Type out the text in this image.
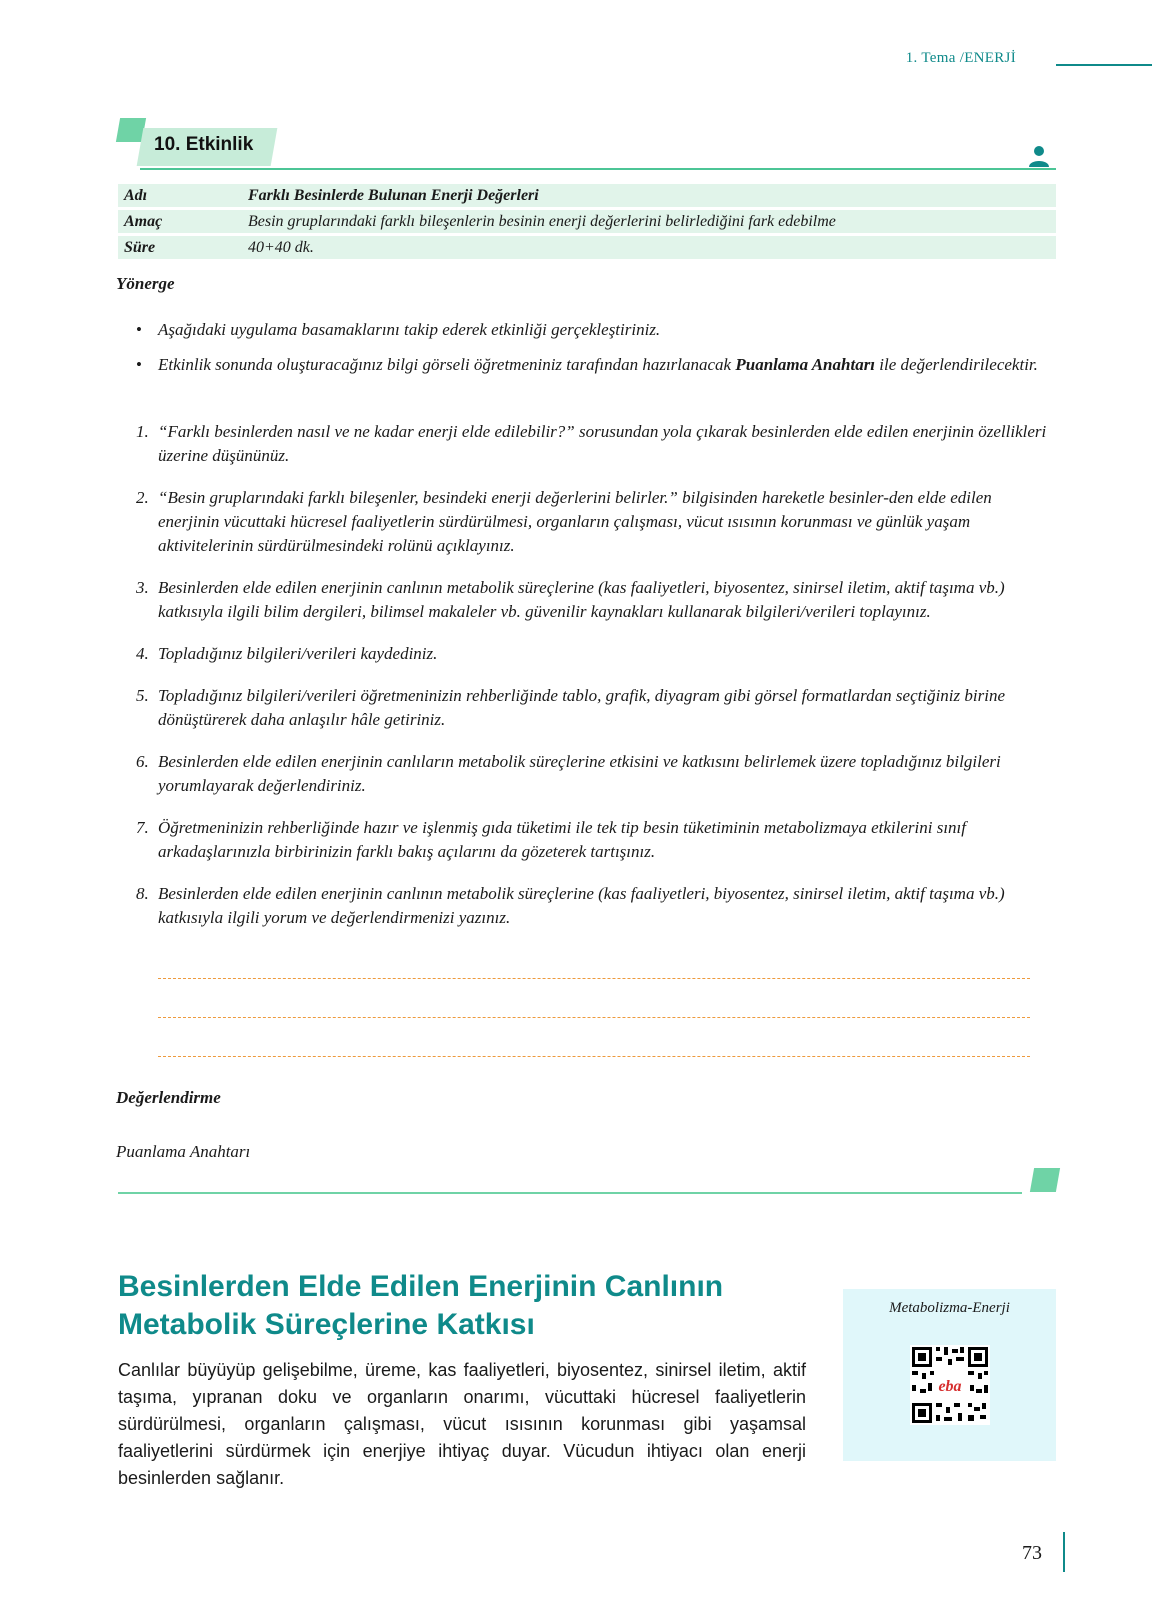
1. Tema /ENERJİ
10. Etkinlik
Adı	Farklı Besinlerde Bulunan Enerji Değerleri
Amaç	Besin gruplarındaki farklı bileşenlerin besinin enerji değerlerini belirlediğini fark edebilme
Süre	40+40 dk.
Yönerge
• Aşağıdaki uygulama basamaklarını takip ederek etkinliği gerçekleştiriniz.
• Etkinlik sonunda oluşturacağınız bilgi görseli öğretmeniniz tarafından hazırlanacak Puanlama Anahtarı ile değerlendirilecektir.
1. “Farklı besinlerden nasıl ve ne kadar enerji elde edilebilir?” sorusundan yola çıkarak besinlerden elde edilen enerjinin özellikleri üzerine düşününüz.
2. “Besin gruplarındaki farklı bileşenler, besindeki enerji değerlerini belirler.” bilgisinden hareketle besinler-den elde edilen enerjinin vücuttaki hücresel faaliyetlerin sürdürülmesi, organların çalışması, vücut ısısının korunması ve günlük yaşam aktivitelerinin sürdürülmesindeki rolünü açıklayınız.
3. Besinlerden elde edilen enerjinin canlının metabolik süreçlerine (kas faaliyetleri, biyosentez, sinirsel iletim, aktif taşıma vb.) katkısıyla ilgili bilim dergileri, bilimsel makaleler vb. güvenilir kaynakları kullanarak bilgileri/verileri toplayınız.
4. Topladığınız bilgileri/verileri kaydediniz.
5. Topladığınız bilgileri/verileri öğretmeninizin rehberliğinde tablo, grafik, diyagram gibi görsel formatlardan seçtiğiniz birine dönüştürerek daha anlaşılır hâle getiriniz.
6. Besinlerden elde edilen enerjinin canlıların metabolik süreçlerine etkisini ve katkısını belirlemek üzere topladığınız bilgileri yorumlayarak değerlendiriniz.
7. Öğretmeninizin rehberliğinde hazır ve işlenmiş gıda tüketimi ile tek tip besin tüketiminin metabolizmaya etkilerini sınıf arkadaşlarınızla birbirinizin farklı bakış açılarını da gözeterek tartışınız.
8. Besinlerden elde edilen enerjinin canlının metabolik süreçlerine (kas faaliyetleri, biyosentez, sinirsel iletim, aktif taşıma vb.) katkısıyla ilgili yorum ve değerlendirmenizi yazınız.
Değerlendirme
Puanlama Anahtarı
Besinlerden Elde Edilen Enerjinin Canlının
Metabolik Süreçlerine Katkısı
Canlılar büyüyüp gelişebilme, üreme, kas faaliyetleri, biyosentez, sinirsel iletim, aktif taşıma, yıpranan doku ve organların onarımı, vücuttaki hücresel faaliyetlerin sürdürülmesi, organların çalışması, vücut ısısının korunması gibi yaşamsal faaliyetlerini sürdürmek için enerjiye ihtiyaç duyar. Vücudun ihtiyacı olan enerji besinlerden sağlanır.
Metabolizma-Enerji
eba
73
